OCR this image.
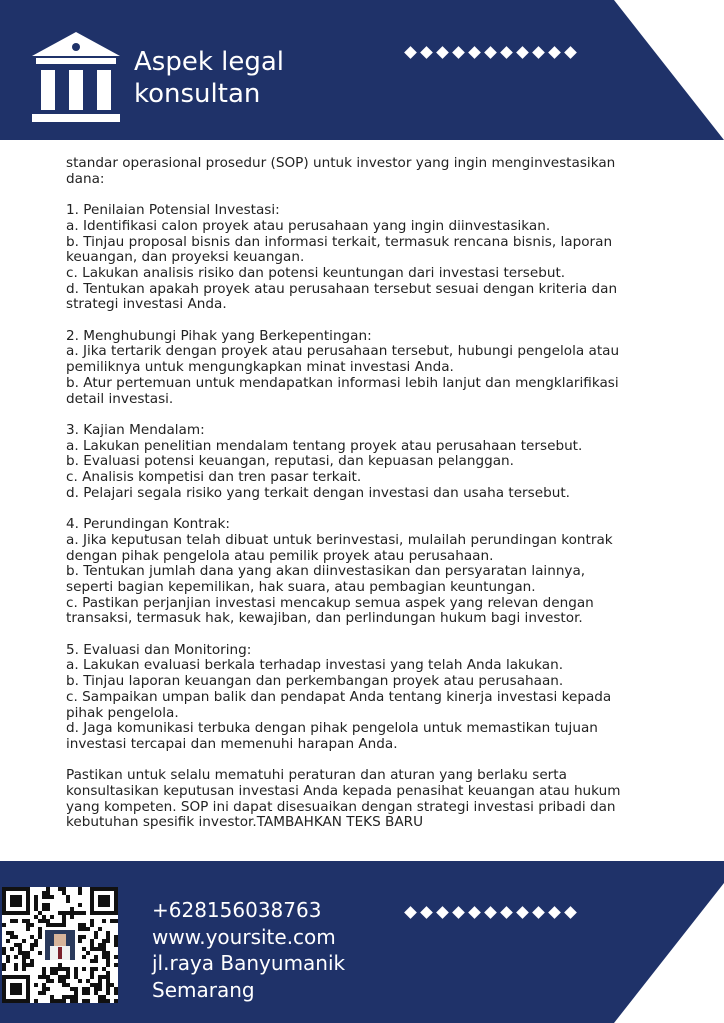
Aspek legal
konsultan

standar operasional prosedur (SOP) untuk investor yang ingin menginvestasikan
dana:

1. Penilaian Potensial Investasi:
a. Identifikasi calon proyek atau perusahaan yang ingin diinvestasikan.
b. Tinjau proposal bisnis dan informasi terkait, termasuk rencana bisnis, laporan
keuangan, dan proyeksi keuangan.
c. Lakukan analisis risiko dan potensi keuntungan dari investasi tersebut.
d. Tentukan apakah proyek atau perusahaan tersebut sesuai dengan kriteria dan
strategi investasi Anda.

2. Menghubungi Pihak yang Berkepentingan:
a. Jika tertarik dengan proyek atau perusahaan tersebut, hubungi pengelola atau
pemiliknya untuk mengungkapkan minat investasi Anda.
b. Atur pertemuan untuk mendapatkan informasi lebih lanjut dan mengklarifikasi
detail investasi.

3. Kajian Mendalam:
a. Lakukan penelitian mendalam tentang proyek atau perusahaan tersebut.
b. Evaluasi potensi keuangan, reputasi, dan kepuasan pelanggan.
c. Analisis kompetisi dan tren pasar terkait.
d. Pelajari segala risiko yang terkait dengan investasi dan usaha tersebut.

4. Perundingan Kontrak:
a. Jika keputusan telah dibuat untuk berinvestasi, mulailah perundingan kontrak
dengan pihak pengelola atau pemilik proyek atau perusahaan.
b. Tentukan jumlah dana yang akan diinvestasikan dan persyaratan lainnya,
seperti bagian kepemilikan, hak suara, atau pembagian keuntungan.
c. Pastikan perjanjian investasi mencakup semua aspek yang relevan dengan
transaksi, termasuk hak, kewajiban, dan perlindungan hukum bagi investor.

5. Evaluasi dan Monitoring:
a. Lakukan evaluasi berkala terhadap investasi yang telah Anda lakukan.
b. Tinjau laporan keuangan dan perkembangan proyek atau perusahaan.
c. Sampaikan umpan balik dan pendapat Anda tentang kinerja investasi kepada
pihak pengelola.
d. Jaga komunikasi terbuka dengan pihak pengelola untuk memastikan tujuan
investasi tercapai dan memenuhi harapan Anda.

Pastikan untuk selalu mematuhi peraturan dan aturan yang berlaku serta
konsultasikan keputusan investasi Anda kepada penasihat keuangan atau hukum
yang kompeten. SOP ini dapat disesuaikan dengan strategi investasi pribadi dan
kebutuhan spesifik investor.TAMBAHKAN TEKS BARU

+628156038763
www.yoursite.com
jl.raya Banyumanik
Semarang
